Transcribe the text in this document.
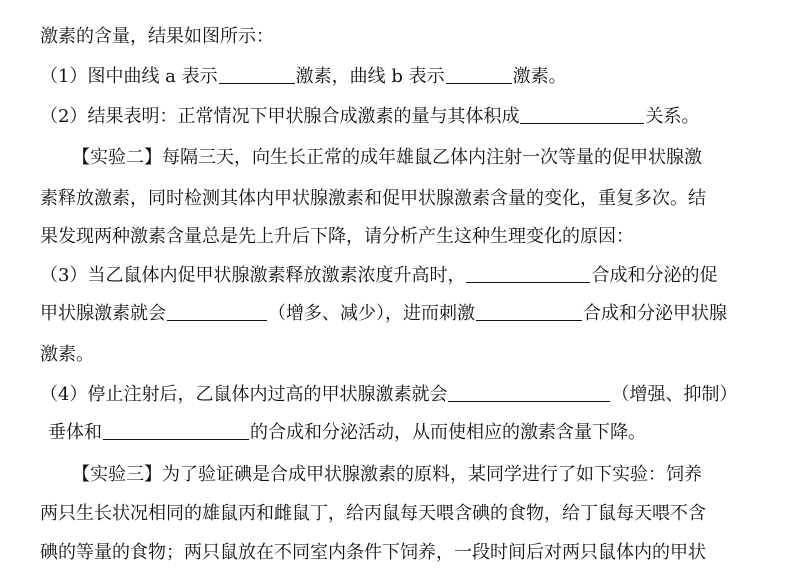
激素的含量，结果如图所示：
（1）图中曲线 a 表示	激素，曲线 b 表示	激素。
（2）结果表明：正常情况下甲状腺合成激素的量与其体积成	关系。
【实验二】每隔三天，向生长正常的成年雄鼠乙体内注射一次等量的促甲状腺激
素释放激素，同时检测其体内甲状腺激素和促甲状腺激素含量的变化，重复多次。结
果发现两种激素含量总是先上升后下降，请分析产生这种生理变化的原因：
（3）当乙鼠体内促甲状腺激素释放激素浓度升高时，	合成和分泌的促
甲状腺激素就会	（增多、减少），进而刺激	合成和分泌甲状腺
激素。
（4）停止注射后，乙鼠体内过高的甲状腺激素就会	（增强、抑制）
垂体和	的合成和分泌活动，从而使相应的激素含量下降。
【实验三】为了验证碘是合成甲状腺激素的原料，某同学进行了如下实验：饲养
两只生长状况相同的雄鼠丙和雌鼠丁，给丙鼠每天喂含碘的食物，给丁鼠每天喂不含
碘的等量的食物；两只鼠放在不同室内条件下饲养，一段时间后对两只鼠体内的甲状
